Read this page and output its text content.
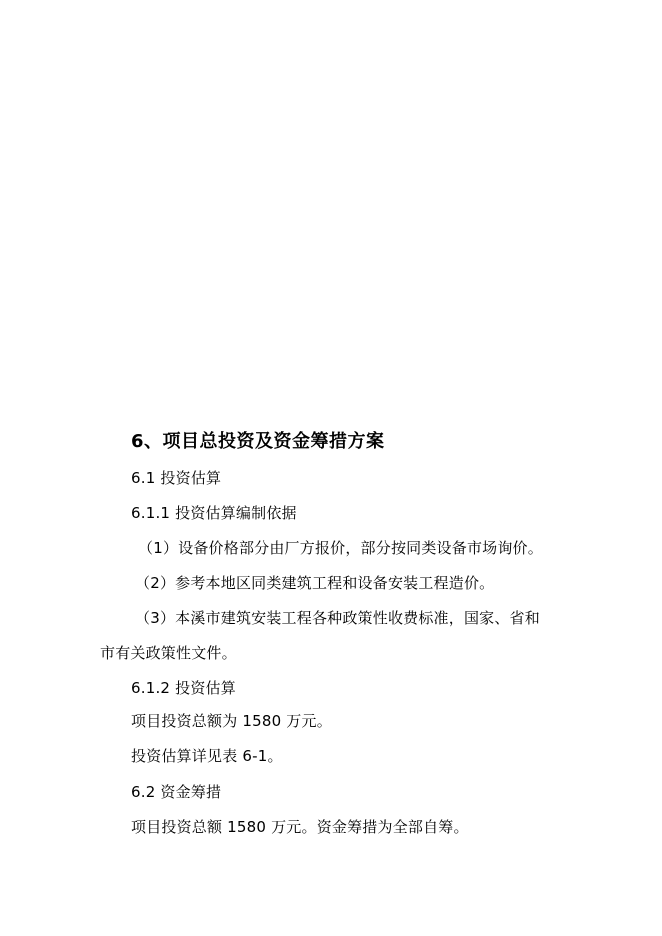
6、项目总投资及资金筹措方案
6.1 投资估算
6.1.1 投资估算编制依据
（1）设备价格部分由厂方报价，部分按同类设备市场询价。
（2）参考本地区同类建筑工程和设备安装工程造价。
（3）本溪市建筑安装工程各种政策性收费标准，国家、省和
市有关政策性文件。
6.1.2 投资估算
项目投资总额为 1580 万元。
投资估算详见表 6-1。
6.2 资金筹措
项目投资总额 1580 万元。资金筹措为全部自筹。
